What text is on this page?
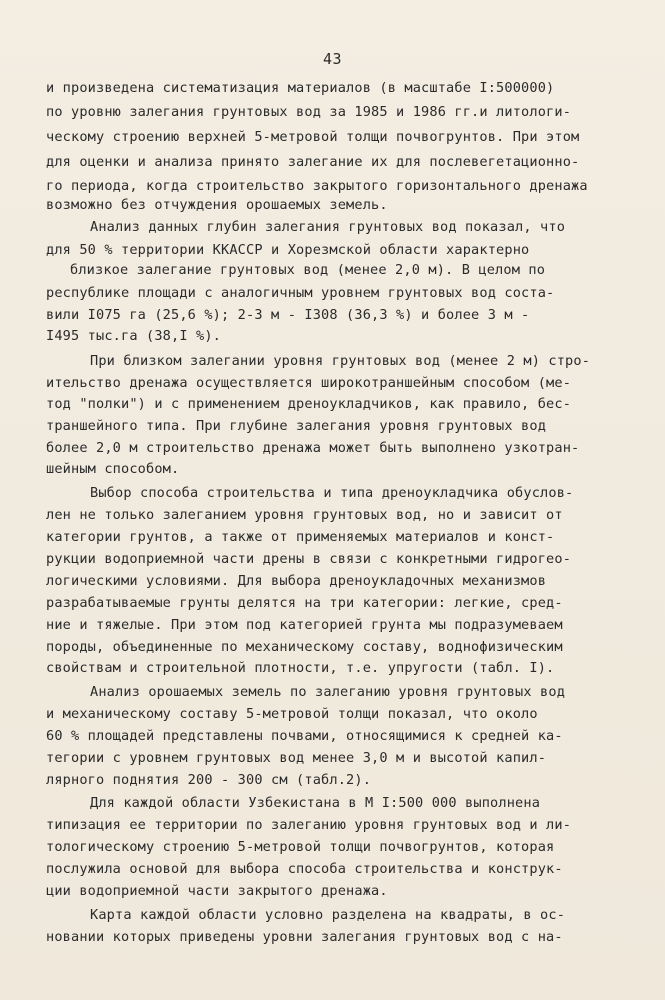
43
и произведена систематизация материалов (в масштабе I:500000)
по уровню залегания грунтовых вод за 1985 и 1986 гг.и литологи-
ческому строению верхней 5-метровой толщи почвогрунтов. При этом
для оценки и анализа принято залегание их для послевегетационно-
го периода, когда строительство закрытого горизонтального дренажа
возможно без отчуждения орошаемых земель.
Анализ данных глубин залегания грунтовых вод показал, что
для 50 % территории ККАССР и Хорезмской области характерно
близкое залегание грунтовых вод (менее 2,0 м). В целом по
республике площади с аналогичным уровнем грунтовых вод соста-
вили I075 га (25,6 %); 2-3 м - I308 (36,3 %) и более 3 м -
I495 тыс.га (38,I %).
При близком залегании уровня грунтовых вод (менее 2 м) стро-
ительство дренажа осуществляется широкотраншейным способом (ме-
тод "полки") и с применением дреноукладчиков, как правило, бес-
траншейного типа. При глубине залегания уровня грунтовых вод
более 2,0 м строительство дренажа может быть выполнено узкотран-
шейным способом.
Выбор способа строительства и типа дреноукладчика обуслов-
лен не только залеганием уровня грунтовых вод, но и зависит от
категории грунтов, а также от применяемых материалов и конст-
рукции водоприемной части дрены в связи с конкретными гидрогео-
логическими условиями. Для выбора дреноукладочных механизмов
разрабатываемые грунты делятся на три категории: легкие, сред-
ние и тяжелые. При этом под категорией грунта мы подразумеваем
породы, объединенные по механическому составу, воднофизическим
свойствам и строительной плотности, т.е. упругости (табл. I).
Анализ орошаемых земель по залеганию уровня грунтовых вод
и механическому составу 5-метровой толщи показал, что около
60 % площадей представлены почвами, относящимися к средней ка-
тегории с уровнем грунтовых вод менее 3,0 м и высотой капил-
лярного поднятия 200 - 300 см (табл.2).
Для каждой области Узбекистана в М I:500 000 выполнена
типизация ее территории по залеганию уровня грунтовых вод и ли-
тологическому строению 5-метровой толщи почвогрунтов, которая
послужила основой для выбора способа строительства и конструк-
ции водоприемной части закрытого дренажа.
Карта каждой области условно разделена на квадраты, в ос-
новании которых приведены уровни залегания грунтовых вод с на-
